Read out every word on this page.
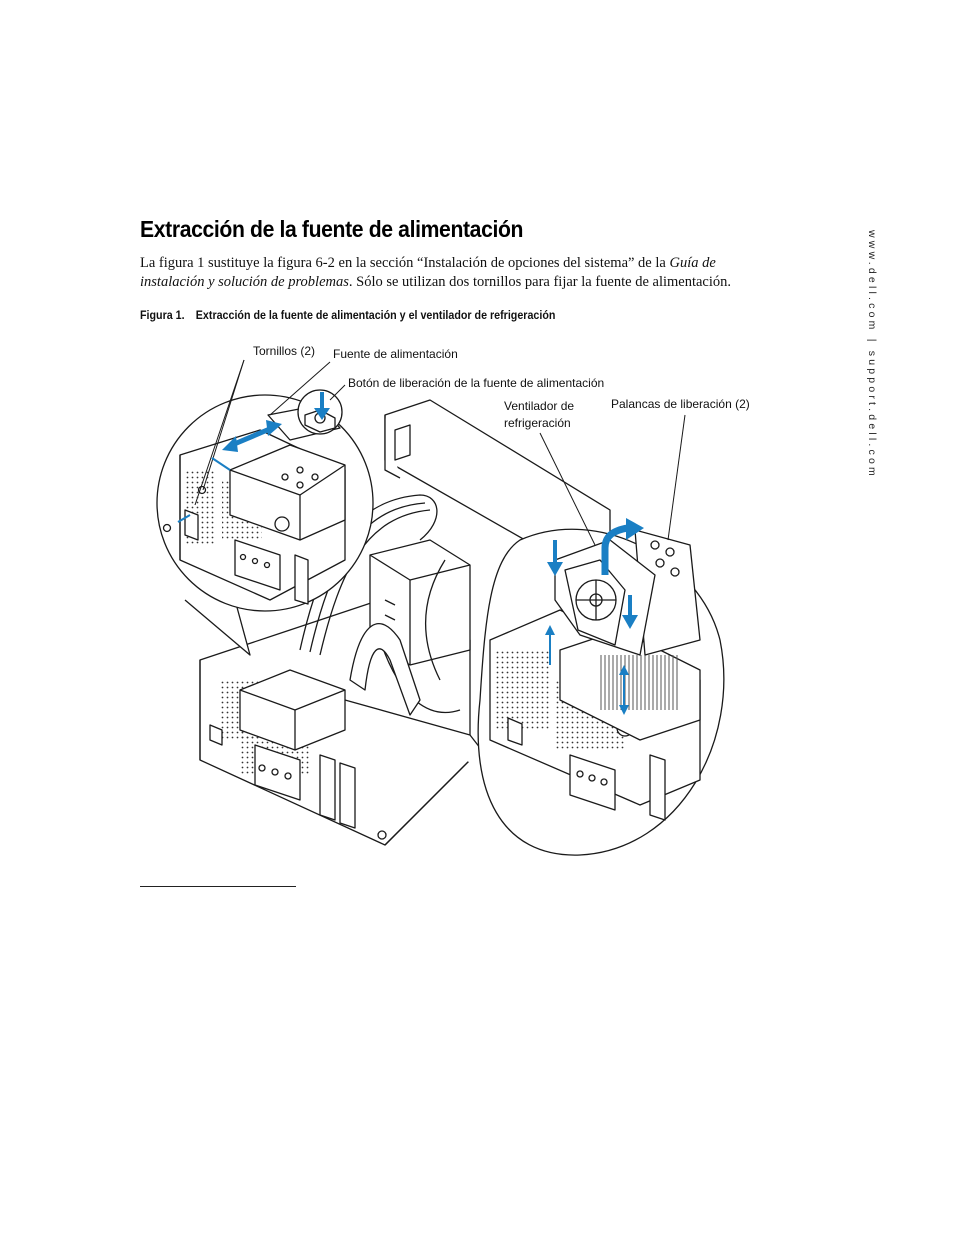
www.dell.com | support.dell.com
Extracción de la fuente de alimentación

La figura 1 sustituye la figura 6-2 en la sección “Instalación de opciones del sistema” de la Guía de instalación y solución de problemas. Sólo se utilizan dos tornillos para fijar la fuente de alimentación.

Figura 1. Extracción de la fuente de alimentación y el ventilador de refrigeración
Tornillos (2) Fuente de alimentación
Botón de liberación de la fuente de alimentación
Ventilador de
refrigeración
Palancas de liberación (2)
